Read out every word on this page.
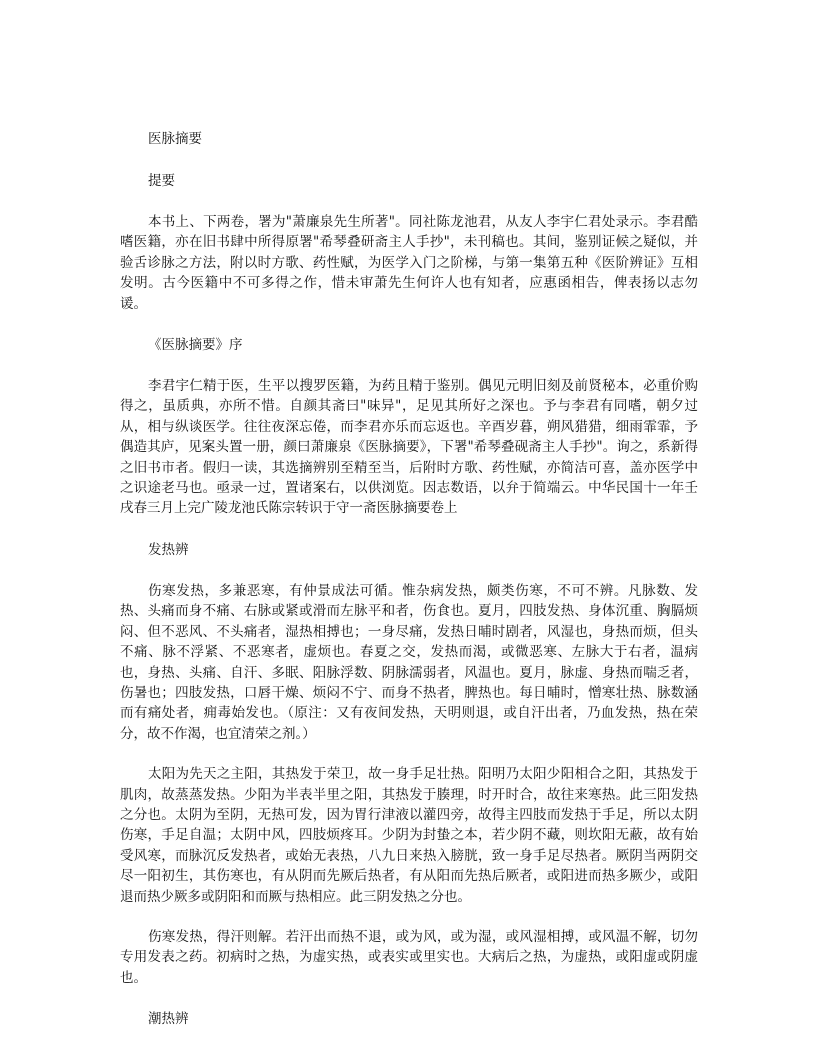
医脉摘要
提要

本书上、下两卷，署为"萧廉泉先生所著"。同社陈龙池君，从友人李宇仁君处录示。李君酷嗜医籍，亦在旧书肆中所得原署"希琴叠研斋主人手抄"，未刊稿也。其间，鉴别证候之疑似，并验舌诊脉之方法，附以时方歌、药性赋，为医学入门之阶梯，与第一集第五种《医阶辨证》互相发明。古今医籍中不可多得之作，惜未审萧先生何许人也有知者，应惠函相告，俾表扬以志勿谖。

《医脉摘要》序

李君宇仁精于医，生平以搜罗医籍，为药且精于鉴别。偶见元明旧刻及前贤秘本，必重价购得之，虽质典，亦所不惜。自颜其斋曰"味异"，足见其所好之深也。予与李君有同嗜，朝夕过从，相与纵谈医学。往往夜深忘倦，而李君亦乐而忘返也。辛酉岁暮，朔风猎猎，细雨霏霏，予偶造其庐，见案头置一册，颜曰萧廉泉《医脉摘要》，下署"希琴叠砚斋主人手抄"。询之，系新得之旧书市者。假归一读，其选摘辨别至精至当，后附时方歌、药性赋，亦简洁可喜，盖亦医学中之识途老马也。亟录一过，置诸案右，以供浏览。因志数语，以弁于简端云。中华民国十一年壬戌春三月上完广陵龙池氏陈宗转识于守一斋医脉摘要卷上

发热辨

伤寒发热，多兼恶寒，有仲景成法可循。惟杂病发热，颇类伤寒，不可不辨。凡脉数、发热、头痛而身不痛、右脉或紧或滑而左脉平和者，伤食也。夏月，四肢发热、身体沉重、胸膈烦闷、但不恶风、不头痛者，湿热相搏也；一身尽痛，发热日晡时剧者，风湿也，身热而烦，但头不痛、脉不浮紧、不恶寒者，虚烦也。春夏之交，发热而渴，或微恶寒、左脉大于右者，温病也，身热、头痛、自汗、多眠、阳脉浮数、阴脉濡弱者，风温也。夏月，脉虚、身热而喘乏者，伤暑也；四肢发热，口唇干燥、烦闷不宁、而身不热者，脾热也。每日晡时，憎寒壮热、脉数涵而有痛处者，痈毒始发也。（原注：又有夜间发热，天明则退，或自汗出者，乃血发热，热在荣分，故不作渴，也宜清荣之剂。）

太阳为先天之主阳，其热发于荣卫，故一身手足壮热。阳明乃太阳少阳相合之阳，其热发于肌肉，故蒸蒸发热。少阳为半表半里之阳，其热发于腠理，时开时合，故往来寒热。此三阳发热之分也。太阴为至阴，无热可发，因为胃行津液以灌四旁，故得主四肢而发热于手足，所以太阴伤寒，手足自温；太阴中风，四肢烦疼耳。少阴为封蛰之本，若少阴不藏，则坎阳无蔽，故有始受风寒，而脉沉反发热者，或始无表热，八九日来热入膀胱，致一身手足尽热者。厥阴当两阴交尽一阳初生，其伤寒也，有从阴而先厥后热者，有从阳而先热后厥者，或阳进而热多厥少，或阳退而热少厥多或阴阳和而厥与热相应。此三阴发热之分也。

伤寒发热，得汗则解。若汗出而热不退，或为风，或为湿，或风湿相搏，或风温不解，切勿专用发表之药。初病时之热，为虚实热，或表实或里实也。大病后之热，为虚热，或阳虚或阴虚也。

潮热辨
